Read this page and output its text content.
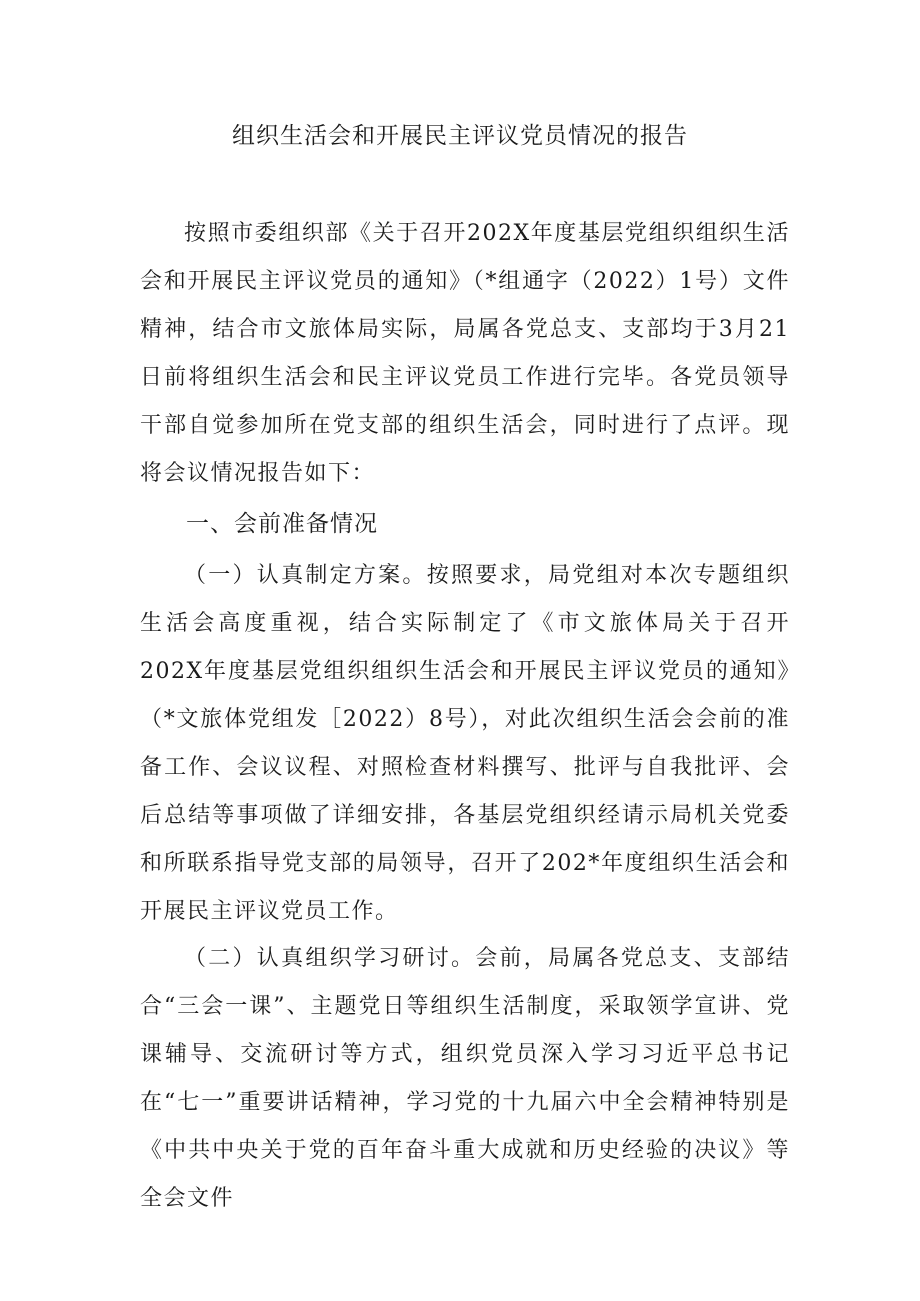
组织生活会和开展民主评议党员情况的报告

按照市委组织部《关于召开202X年度基层党组织组织生活会和开展民主评议党员的通知》（*组通字（2022）1号）文件精神，结合市文旅体局实际，局属各党总支、支部均于3月21日前将组织生活会和民主评议党员工作进行完毕。各党员领导干部自觉参加所在党支部的组织生活会，同时进行了点评。现将会议情况报告如下：

一、会前准备情况

（一）认真制定方案。按照要求，局党组对本次专题组织生活会高度重视，结合实际制定了《市文旅体局关于召开202X年度基层党组织组织生活会和开展民主评议党员的通知》（*文旅体党组发［2022）8号），对此次组织生活会会前的准备工作、会议议程、对照检查材料撰写、批评与自我批评、会后总结等事项做了详细安排，各基层党组织经请示局机关党委和所联系指导党支部的局领导，召开了202*年度组织生活会和开展民主评议党员工作。

（二）认真组织学习研讨。会前，局属各党总支、支部结合“三会一课”、主题党日等组织生活制度，采取领学宣讲、党课辅导、交流研讨等方式，组织党员深入学习习近平总书记在“七一”重要讲话精神，学习党的十九届六中全会精神特别是《中共中央关于党的百年奋斗重大成就和历史经验的决议》等全会文件
